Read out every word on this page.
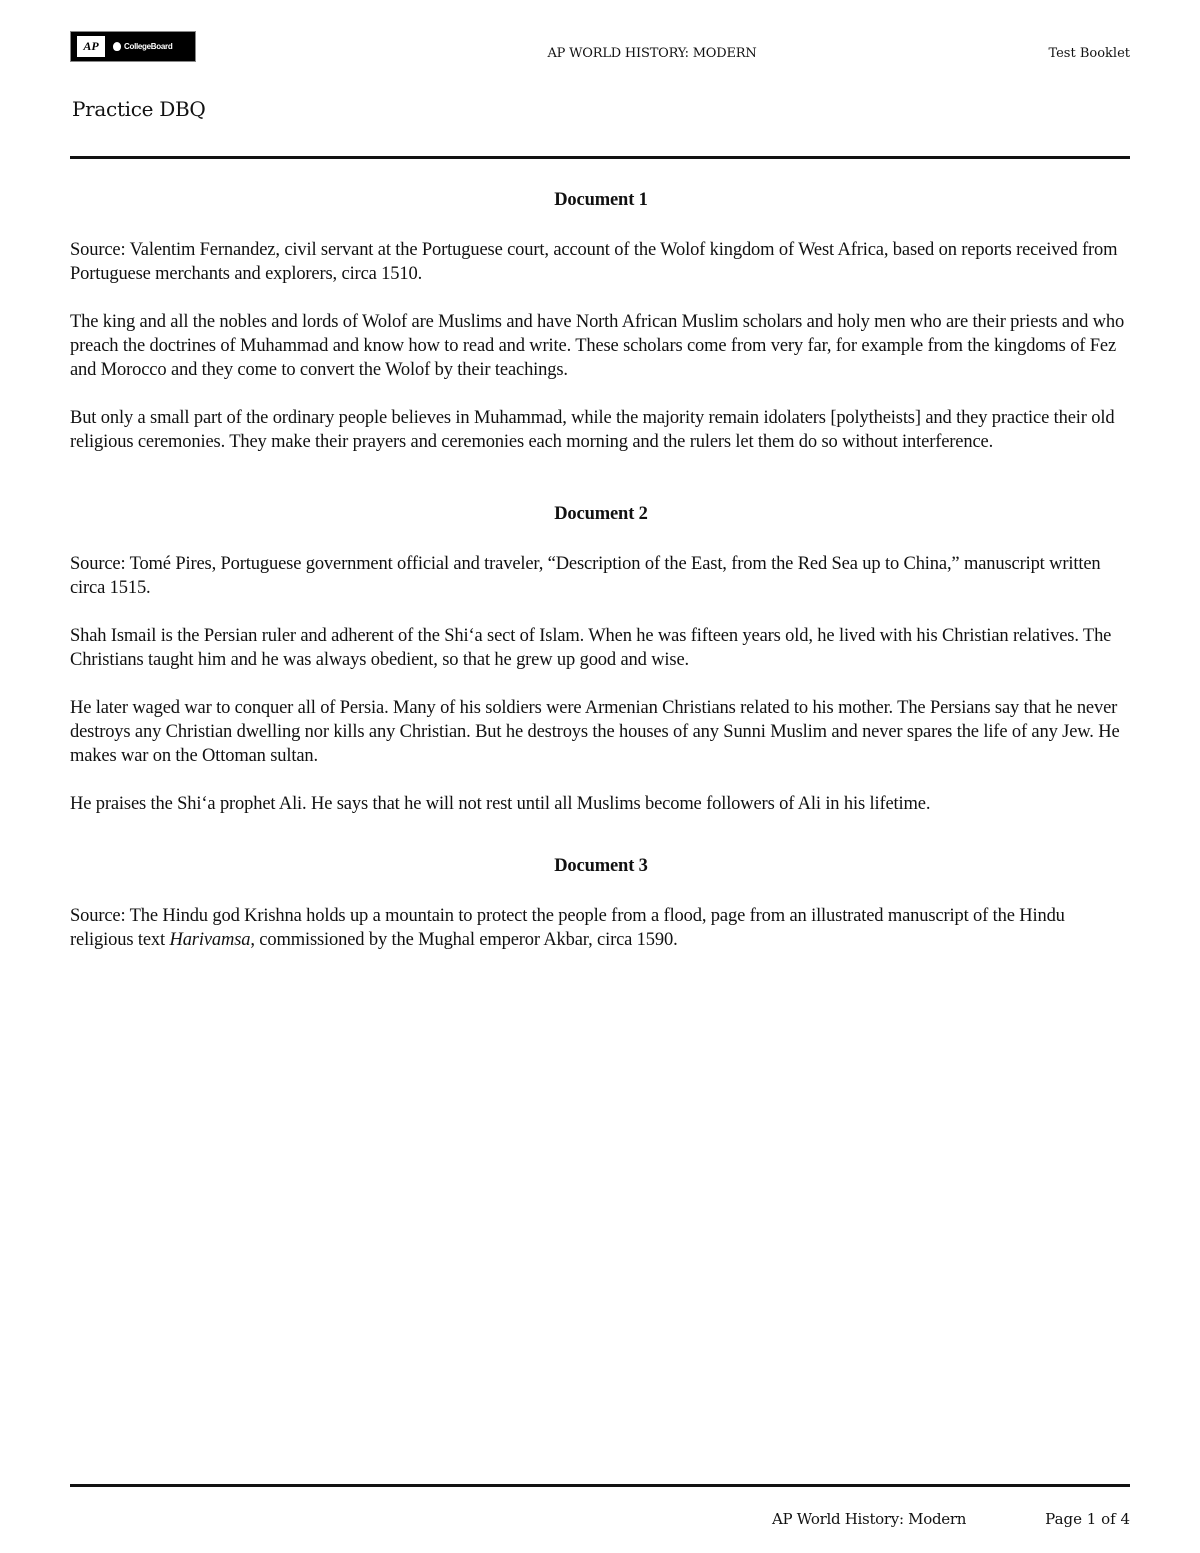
AP	CollegeBoard	AP WORLD HISTORY: MODERN	Test Booklet
Practice DBQ
Document 1

Source: Valentim Fernandez, civil servant at the Portuguese court, account of the Wolof kingdom of West Africa, based on reports received from Portuguese merchants and explorers, circa 1510.

The king and all the nobles and lords of Wolof are Muslims and have North African Muslim scholars and holy men who are their priests and who preach the doctrines of Muhammad and know how to read and write. These scholars come from very far, for example from the kingdoms of Fez and Morocco and they come to convert the Wolof by their teachings.

But only a small part of the ordinary people believes in Muhammad, while the majority remain idolaters [polytheists] and they practice their old religious ceremonies. They make their prayers and ceremonies each morning and the rulers let them do so without interference.

Document 2

Source: Tomé Pires, Portuguese government official and traveler, “Description of the East, from the Red Sea up to China,” manuscript written circa 1515.

Shah Ismail is the Persian ruler and adherent of the Shi‘a sect of Islam. When he was fifteen years old, he lived with his Christian relatives. The Christians taught him and he was always obedient, so that he grew up good and wise.

He later waged war to conquer all of Persia. Many of his soldiers were Armenian Christians related to his mother. The Persians say that he never destroys any Christian dwelling nor kills any Christian. But he destroys the houses of any Sunni Muslim and never spares the life of any Jew. He makes war on the Ottoman sultan.

He praises the Shi‘a prophet Ali. He says that he will not rest until all Muslims become followers of Ali in his lifetime.

Document 3

Source: The Hindu god Krishna holds up a mountain to protect the people from a flood, page from an illustrated manuscript of the Hindu religious text Harivamsa, commissioned by the Mughal emperor Akbar, circa 1590.

AP World History: Modern	Page 1 of 4
